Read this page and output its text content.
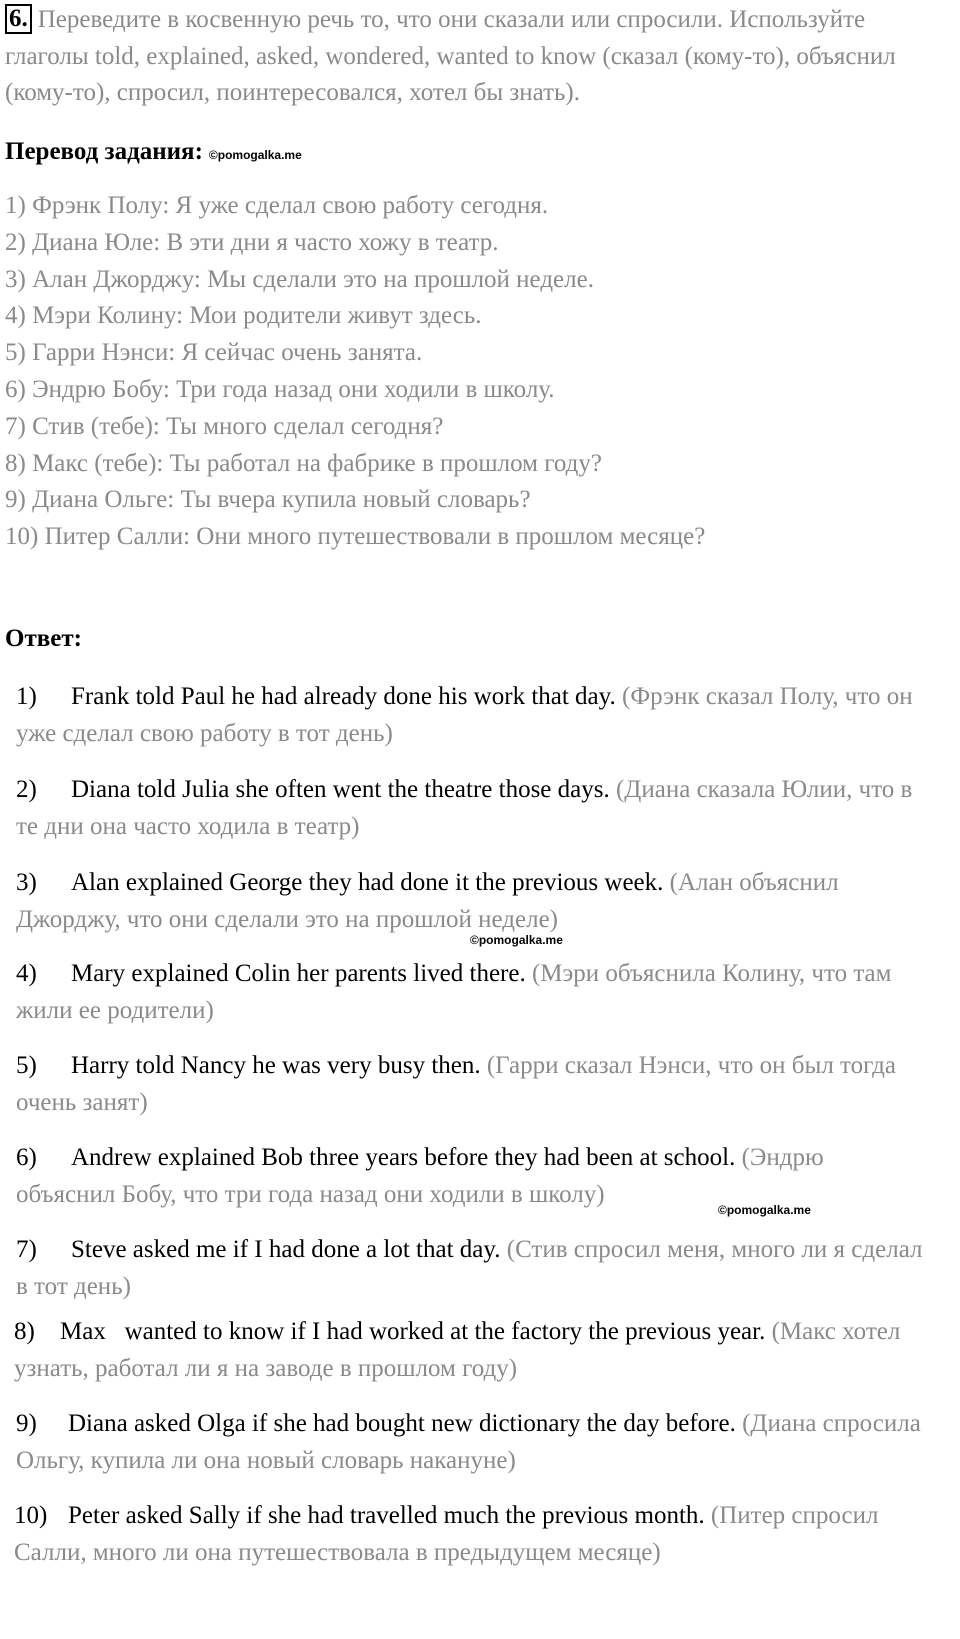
6. Переведите в косвенную речь то, что они сказали или спросили. Используйте глаголы told, explained, asked, wondered, wanted to know (сказал (кому-то), объяснил (кому-то), спросил, поинтересовался, хотел бы знать).
Перевод задания: ©pomogalka.me
1) Фрэнк Полу: Я уже сделал свою работу сегодня.
2) Диана Юле: В эти дни я часто хожу в театр.
3) Алан Джорджу: Мы сделали это на прошлой неделе.
4) Мэри Колину: Мои родители живут здесь.
5) Гарри Нэнси: Я сейчас очень занята.
6) Эндрю Бобу: Три года назад они ходили в школу.
7) Стив (тебе): Ты много сделал сегодня?
8) Макс (тебе): Ты работал на фабрике в прошлом году?
9) Диана Ольге: Ты вчера купила новый словарь?
10) Питер Салли: Они много путешествовали в прошлом месяце?
Ответ:
1) Frank told Paul he had already done his work that day. (Фрэнк сказал Полу, что он уже сделал свою работу в тот день)
2) Diana told Julia she often went the theatre those days. (Диана сказала Юлии, что в те дни она часто ходила в театр)
3) Alan explained George they had done it the previous week. (Алан объяснил Джорджу, что они сделали это на прошлой неделе)
©pomogalka.me
4) Mary explained Colin her parents lived there. (Мэри объяснила Колину, что там жили ее родители)
5) Harry told Nancy he was very busy then. (Гарри сказал Нэнси, что он был тогда очень занят)
6) Andrew explained Bob three years before they had been at school. (Эндрю объяснил Бобу, что три года назад они ходили в школу)
©pomogalka.me
7) Steve asked me if I had done a lot that day. (Стив спросил меня, много ли я сделал в тот день)
8) Max   wanted to know if I had worked at the factory the previous year. (Макс хотел узнать, работал ли я на заводе в прошлом году)
9) Diana asked Olga if she had bought new dictionary the day before. (Диана спросила Ольгу, купила ли она новый словарь накануне)
10) Peter asked Sally if she had travelled much the previous month. (Питер спросил Салли, много ли она путешествовала в предыдущем месяце)
